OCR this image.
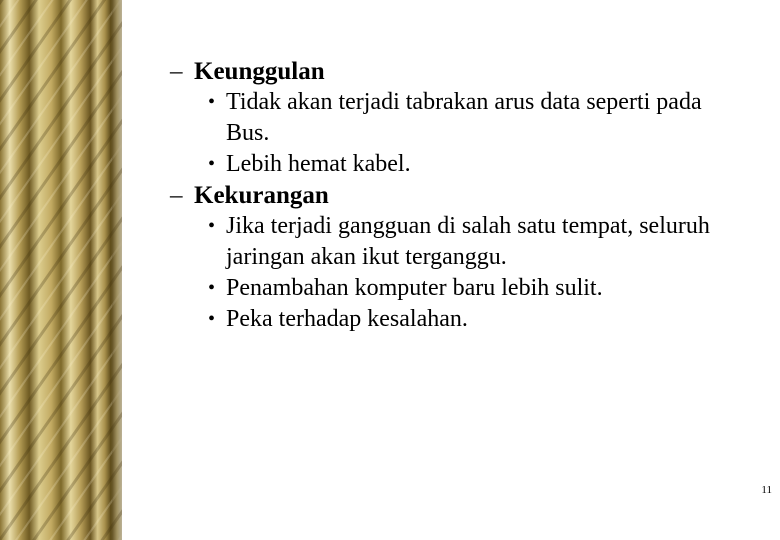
– Keunggulan
• Tidak akan terjadi tabrakan arus data seperti pada Bus.
• Lebih hemat kabel.
– Kekurangan
• Jika terjadi gangguan di salah satu tempat, seluruh jaringan akan ikut terganggu.
• Penambahan komputer baru lebih sulit.
• Peka terhadap kesalahan.
11
